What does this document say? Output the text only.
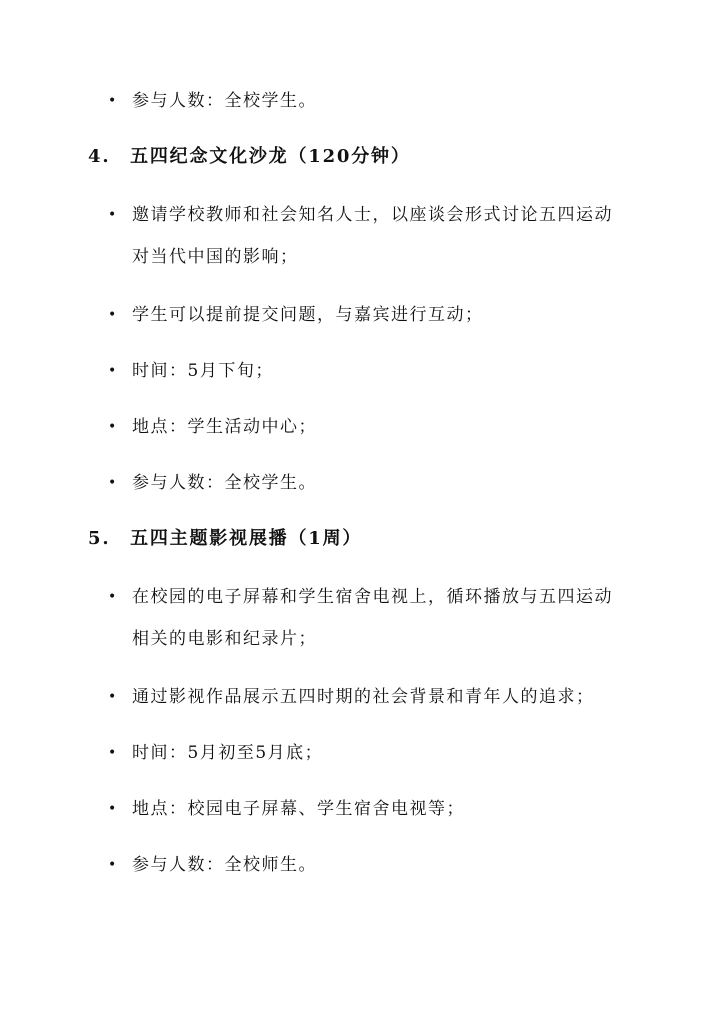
• 参与人数：全校学生。
4. 五四纪念文化沙龙（120分钟）
• 邀请学校教师和社会知名人士，以座谈会形式讨论五四运动对当代中国的影响；
• 学生可以提前提交问题，与嘉宾进行互动；
• 时间：5月下旬；
• 地点：学生活动中心；
• 参与人数：全校学生。
5. 五四主题影视展播（1周）
• 在校园的电子屏幕和学生宿舍电视上，循环播放与五四运动相关的电影和纪录片；
• 通过影视作品展示五四时期的社会背景和青年人的追求；
• 时间：5月初至5月底；
• 地点：校园电子屏幕、学生宿舍电视等；
• 参与人数：全校师生。
